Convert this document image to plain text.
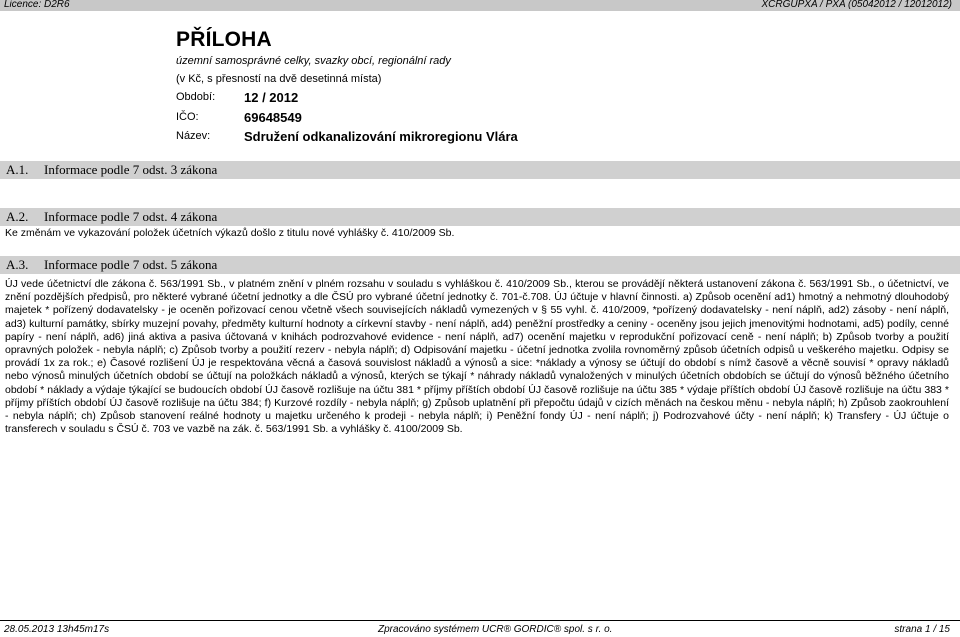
Licence: D2R6	XCRGUPXA / PXA (05042012 / 12012012)
PŘÍLOHA
územní samosprávné celky, svazky obcí, regionální rady
(v Kč, s přesností na dvě desetinná místa)
Období: 12 / 2012
IČO:	69648549
Název:	Sdružení odkanalizování mikroregionu Vlára
A.1. Informace podle 7 odst. 3 zákona
A.2. Informace podle 7 odst. 4 zákona
Ke změnám ve vykazování položek účetních výkazů došlo z titulu nové vyhlášky č. 410/2009 Sb.
A.3. Informace podle 7 odst. 5 zákona
ÚJ vede účetnictví dle zákona č. 563/1991 Sb., v platném znění v plném rozsahu v souladu s vyhláškou č. 410/2009 Sb., kterou se provádějí některá ustanovení zákona č. 563/1991 Sb., o účetnictví, ve znění pozdějších předpisů, pro některé vybrané účetní jednotky a dle ČSÚ pro vybrané účetní jednotky č. 701-č.708. ÚJ účtuje v hlavní činnosti. a) Způsob ocenění ad1) hmotný a nehmotný dlouhodobý majetek * pořízený dodavatelsky - je oceněn pořizovací cenou včetně všech souvisejících nákladů vymezených v § 55 vyhl. č. 410/2009, *pořízený dodavatelsky - není náplň, ad2) zásoby - není náplň, ad3) kulturní památky, sbírky muzejní povahy, předměty kulturní hodnoty a církevní stavby - není náplň, ad4) peněžní prostředky a ceniny - oceněny jsou jejich jmenovitými hodnotami, ad5) podíly, cenné papíry - není náplň, ad6) jiná aktiva a pasiva účtovaná v knihách podrozvahové evidence - není náplň, ad7) ocenění majetku v reprodukční pořizovací ceně - není náplň; b) Způsob tvorby a použití opravných položek - nebyla náplň; c) Způsob tvorby a použití rezerv - nebyla náplň; d) Odpisování majetku - účetní jednotka zvolila rovnoměrný způsob účetních odpisů u veškerého majetku. Odpisy se provádí 1x za rok.; e) Časové rozlišení ÚJ je respektována věcná a časová souvislost nákladů a výnosů a sice: *náklady a výnosy se účtují do období s nímž časově a věcně souvisí * opravy nákladů nebo výnosů minulých účetních období se účtují na položkách nákladů a výnosů, kterých se týkají * náhrady nákladů vynaložených v minulých účetních obdobích se účtují do výnosů běžného účetního období * náklady a výdaje týkající se budoucích období ÚJ časově rozlišuje na účtu 381 * příjmy příštích období ÚJ časově rozlišuje na účtu 385 * výdaje příštích období ÚJ časově rozlišuje na účtu 383 * příjmy příštích období ÚJ časově rozlišuje na účtu 384; f) Kurzové rozdíly - nebyla náplň; g) Způsob uplatnění při přepočtu údajů v cizích měnách na českou měnu - nebyla náplň; h) Způsob zaokrouhlení - nebyla náplň; ch) Způsob stanovení reálné hodnoty u majetku určeného k prodeji - nebyla náplň; i) Peněžní fondy ÚJ - není náplň; j) Podrozvahové účty - není náplň; k) Transfery - ÚJ účtuje o transferech v souladu s ČSÚ č. 703 ve vazbě na zák. č. 563/1991 Sb. a vyhlášky č. 4100/2009 Sb.
28.05.2013 13h45m17s	Zpracováno systémem UCR® GORDIC® spol. s r. o.	strana 1 / 15
